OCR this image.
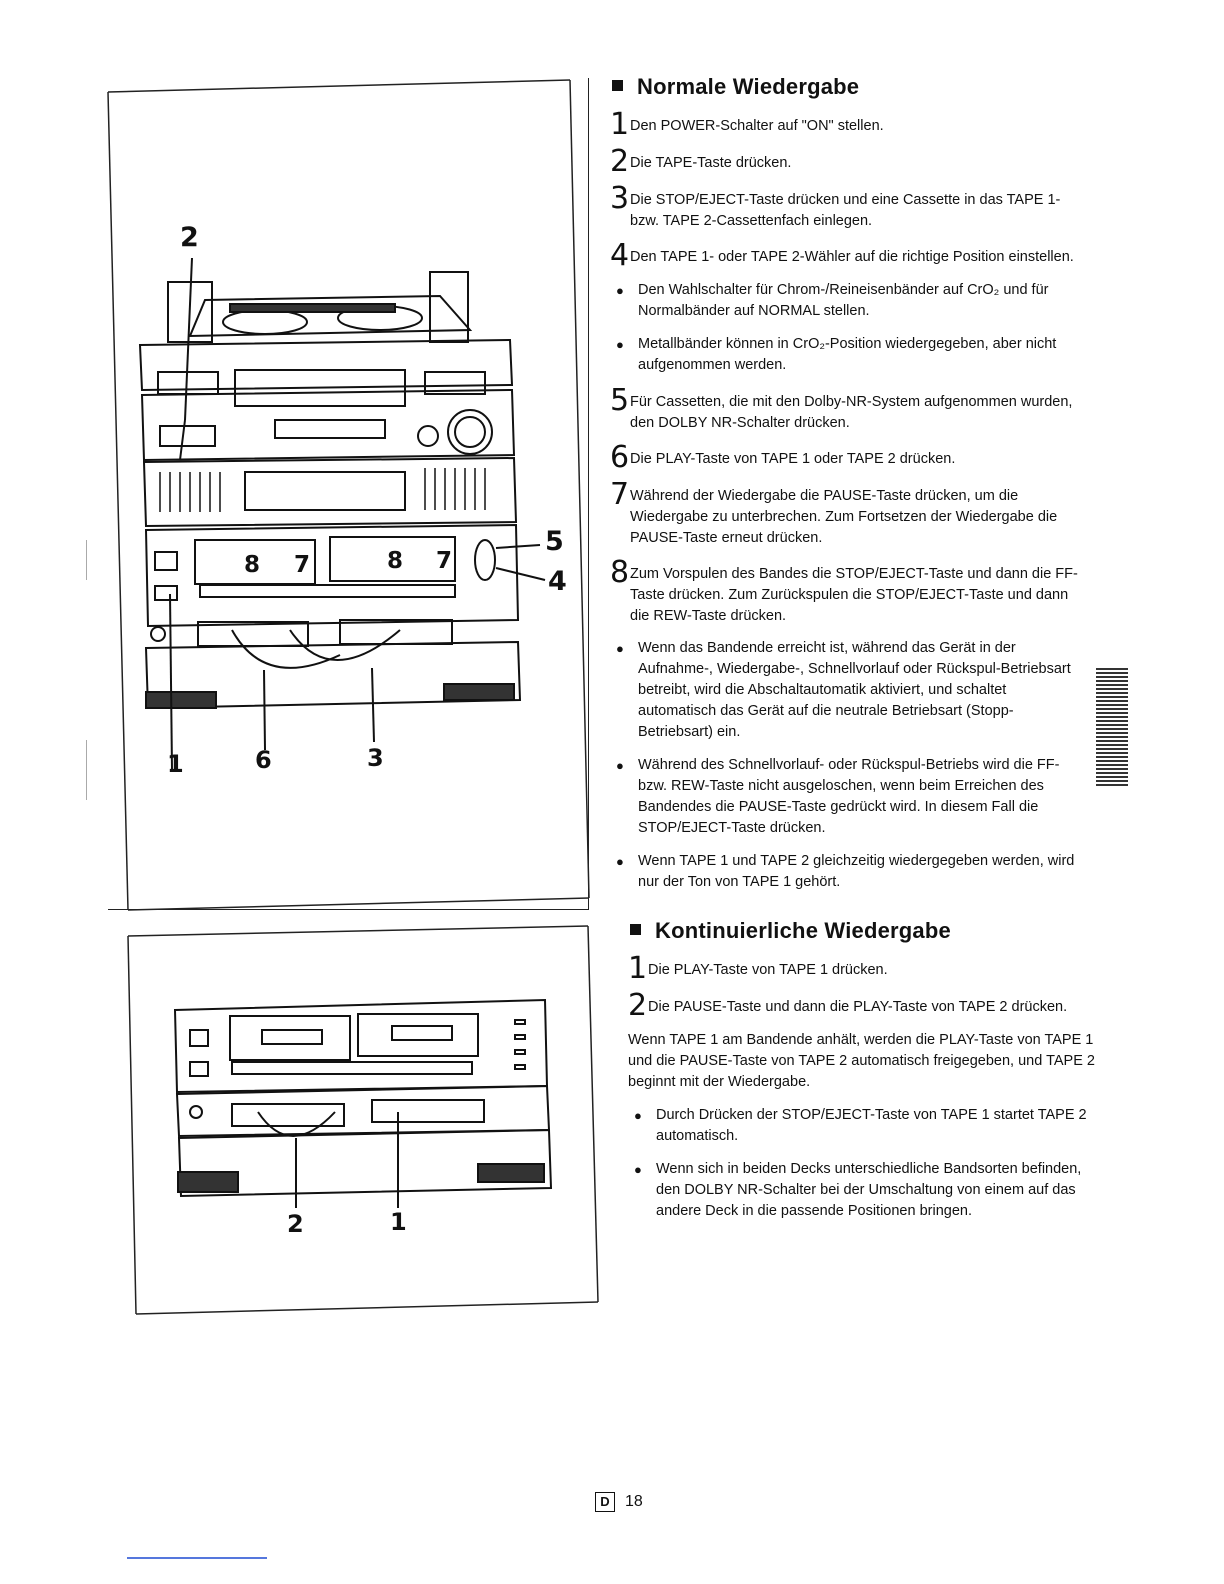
2
5
4
8 7	8 7
1	6	3
2	1
Normale Wiedergabe
1 Den POWER-Schalter auf "ON" stellen.
2 Die TAPE-Taste drücken.
3 Die STOP/EJECT-Taste drücken und eine Cassette in das TAPE 1- bzw. TAPE 2-Cassettenfach einlegen.
4 Den TAPE 1- oder TAPE 2-Wähler auf die richtige Position einstellen.
● Den Wahlschalter für Chrom-/Reineisenbänder auf CrO₂ und für Normalbänder auf NORMAL stellen.
● Metallbänder können in CrO₂-Position wiedergegeben, aber nicht aufgenommen werden.
5 Für Cassetten, die mit den Dolby-NR-System aufgenommen wurden, den DOLBY NR-Schalter drücken.
6 Die PLAY-Taste von TAPE 1 oder TAPE 2 drücken.
7 Während der Wiedergabe die PAUSE-Taste drücken, um die Wiedergabe zu unterbrechen. Zum Fortsetzen der Wiedergabe die PAUSE-Taste erneut drücken.
8 Zum Vorspulen des Bandes die STOP/EJECT-Taste und dann die FF-Taste drücken. Zum Zurückspulen die STOP/EJECT-Taste und dann die REW-Taste drücken.
● Wenn das Bandende erreicht ist, während das Gerät in der Aufnahme-, Wiedergabe-, Schnellvorlauf oder Rückspul-Betriebsart betreibt, wird die Abschaltautomatik aktiviert, und schaltet automatisch das Gerät auf die neutrale Betriebsart (Stopp-Betriebsart) ein.
● Während des Schnellvorlauf- oder Rückspul-Betriebs wird die FF- bzw. REW-Taste nicht ausgeloschen, wenn beim Erreichen des Bandendes die PAUSE-Taste gedrückt wird. In diesem Fall die STOP/EJECT-Taste drücken.
● Wenn TAPE 1 und TAPE 2 gleichzeitig wiedergegeben werden, wird nur der Ton von TAPE 1 gehört.
Kontinuierliche Wiedergabe
1 Die PLAY-Taste von TAPE 1 drücken.
2 Die PAUSE-Taste und dann die PLAY-Taste von TAPE 2 drücken.
Wenn TAPE 1 am Bandende anhält, werden die PLAY-Taste von TAPE 1 und die PAUSE-Taste von TAPE 2 automatisch freigegeben, und TAPE 2 beginnt mit der Wiedergabe.
● Durch Drücken der STOP/EJECT-Taste von TAPE 1 startet TAPE 2 automatisch.
● Wenn sich in beiden Decks unterschiedliche Bandsorten befinden, den DOLBY NR-Schalter bei der Umschaltung von einem auf das andere Deck in die passende Positionen bringen.
D 18
